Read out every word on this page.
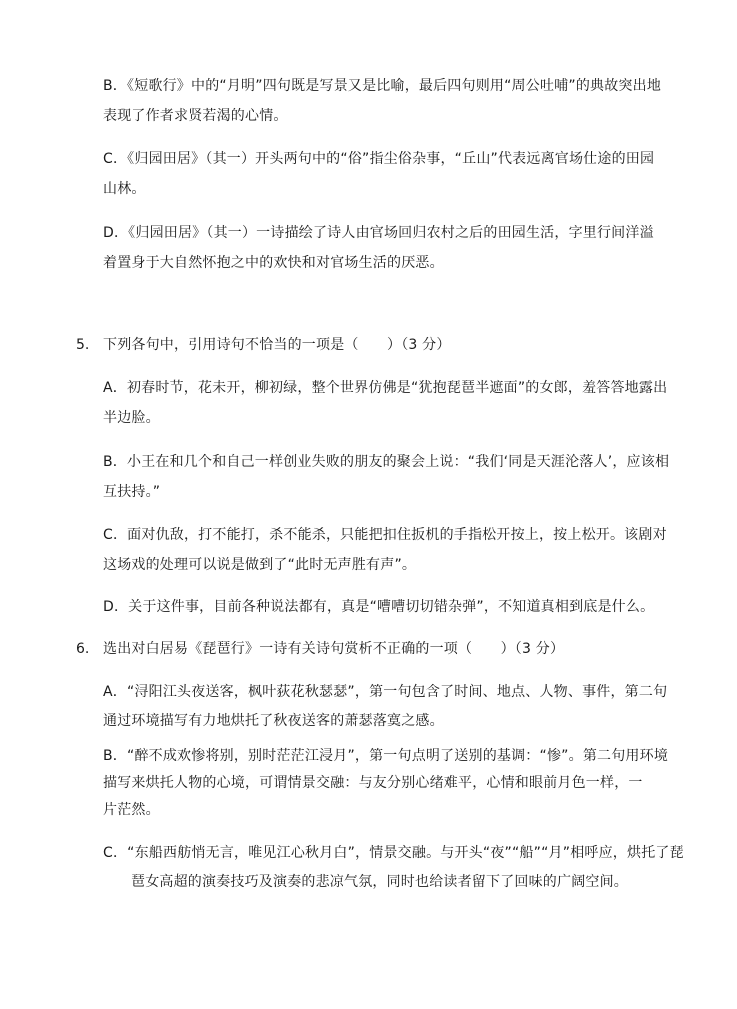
B．《短歌行》中的“月明”四句既是写景又是比喻，最后四句则用“周公吐哺”的典故突出地
表现了作者求贤若渴的心情。
C．《归园田居》（其一）开头两句中的“俗”指尘俗杂事，“丘山”代表远离官场仕途的田园
山林。
D．《归园田居》（其一）一诗描绘了诗人由官场回归农村之后的田园生活，字里行间洋溢
着置身于大自然怀抱之中的欢快和对官场生活的厌恶。
5. 下列各句中，引用诗句不恰当的一项是（　　）（3 分）
A．初春时节，花未开，柳初绿，整个世界仿佛是“犹抱琵琶半遮面”的女郎，羞答答地露出
半边脸。
B．小王在和几个和自己一样创业失败的朋友的聚会上说：“我们‘同是天涯沦落人’，应该相
互扶持。”
C．面对仇敌，打不能打，杀不能杀，只能把扣住扳机的手指松开按上，按上松开。该剧对
这场戏的处理可以说是做到了“此时无声胜有声”。
D．关于这件事，目前各种说法都有，真是“嘈嘈切切错杂弹”，不知道真相到底是什么。
6. 选出对白居易《琵琶行》一诗有关诗句赏析不正确的一项（　　）（3 分）
A．“浔阳江头夜送客，枫叶荻花秋瑟瑟”，第一句包含了时间、地点、人物、事件，第二句
通过环境描写有力地烘托了秋夜送客的萧瑟落寞之感。
B．“醉不成欢惨将别，别时茫茫江浸月”，第一句点明了送别的基调：“惨”。第二句用环境
描写来烘托人物的心境，可谓情景交融：与友分别心绪难平，心情和眼前月色一样，一
片茫然。
C．“东船西舫悄无言，唯见江心秋月白”，情景交融。与开头“夜”“船”“月”相呼应，烘托了琵
琶女高超的演奏技巧及演奏的悲凉气氛，同时也给读者留下了回味的广阔空间。
